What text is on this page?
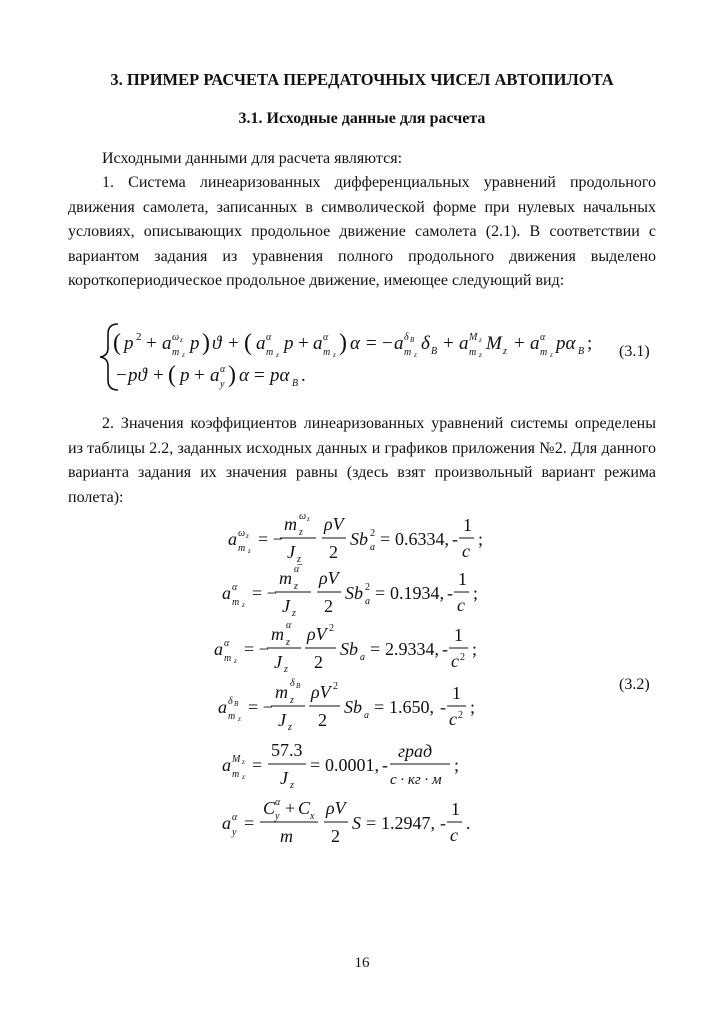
3. ПРИМЕР РАСЧЕТА ПЕРЕДАТОЧНЫХ ЧИСЕЛ АВТОПИЛОТА
3.1. Исходные данные для расчета
Исходными данными для расчета являются:
1. Система линеаризованных дифференциальных уравнений продольного движения самолета, записанных в символической форме при нулевых начальных условиях, описывающих продольное движение самолета (2.1). В соответствии с вариантом задания из уравнения полного продольного движения выделено короткопериодическое продольное движение, имеющее следующий вид:
( p 2 + a ω z
m z
p ) ϑ + ( a α
m z
p + a α
m z ) α = − a δ В
m z
δ В + a M z
m z
M z + a α
m z
pα В ;
− pϑ + ( p + a α
y ) α = pα В .
a ω z
m z
= −
m ω z
z
J z
ρV
2
Sb 2
a = 0.6334, -
1
c
;
a α
m z
= −
m α̅
z
J z
ρV
2
Sb 2
a = 0.1934, -
1
c
;
a α
m z
= −
m α
z
J z
ρV 2
2
Sb a = 2.9334, -
1
c 2 ;
a δ В
m z
= −
m δ В
z
J z
ρV 2
2
Sb a = 1.650, -
1
c 2 ;
a M z
m z
=
57.3
J z
= 0.0001, -
град
c · кг · м
;
a α
y =
C α
y + C x
m
ρV
2
S = 1.2947, -
1
c
.
(3.1)
2. Значения коэффициентов линеаризованных уравнений системы определены из таблицы 2.2, заданных исходных данных и графиков приложения №2. Для данного варианта задания их значения равны (здесь взят произвольный вариант режима полета):
(3.2)
16
